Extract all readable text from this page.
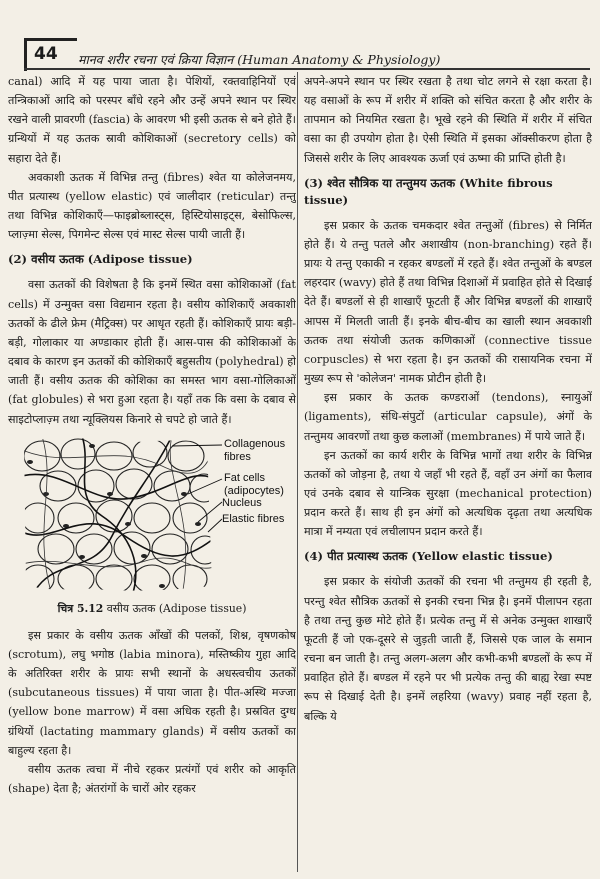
44 मानव शरीर रचना एवं क्रिया विज्ञान (Human Anatomy & Physiology)

canal) आदि में यह पाया जाता है। पेशियों, रक्तवाहिनियों एवं तन्त्रिकाओं आदि को परस्पर बाँधे रहने और उन्हें अपने स्थान पर स्थिर रखने वाली प्रावरणी (fascia) के आवरण भी इसी ऊतक से बने होते हैं। ग्रन्थियों में यह ऊतक स्रावी कोशिकाओं (secretory cells) को सहारा देते हैं।

अवकाशी ऊतक में विभिन्न तन्तु (fibres) श्वेत या कोलेजनमय, पीत प्रत्यास्थ (yellow elastic) एवं जालीदार (reticular) तन्तु तथा विभिन्न कोशिकाएँ—फाइब्रोब्लास्ट्स, हिस्टियोसाइट्स, बेसोफिल्स, प्लाज़्मा सेल्स, पिगमेन्ट सेल्स एवं मास्ट सेल्स पायी जाती हैं।

(2) वसीय ऊतक (Adipose tissue)

वसा ऊतकों की विशेषता है कि इनमें स्थित वसा कोशिकाओं (fat cells) में उन्मुक्त वसा विद्यमान रहता है। वसीय कोशिकाएँ अवकाशी ऊतकों के ढीले फ्रेम (मैट्रिक्स) पर आधृत रहती हैं। कोशिकाएँ प्रायः बड़ी-बड़ी, गोलाकार या अण्डाकार होती हैं। आस-पास की कोशिकाओं के दबाव के कारण इन ऊतकों की कोशिकाएँ बहुसतीय (polyhedral) हो जाती हैं। वसीय ऊतक की कोशिका का समस्त भाग वसा-गोलिकाओं (fat globules) से भरा हुआ रहता है। यहाँ तक कि वसा के दबाव से साइटोप्लाज़्म तथा न्यूक्लियस किनारे से चपटे हो जाते हैं।

Collagenous
fibres
Fat cells
(adipocytes)
Nucleus
Elastic fibres
चित्र 5.12 वसीय ऊतक (Adipose tissue)

इस प्रकार के वसीय ऊतक आँखों की पलकों, शिश्न, वृषणकोष (scrotum), लघु भगोष्ठ (labia minora), मस्तिष्कीय गुहा आदि के अतिरिक्त शरीर के प्रायः सभी स्थानों के अधस्त्वचीय ऊतकों (subcutaneous tissues) में पाया जाता है। पीत-अस्थि मज्जा (yellow bone marrow) में वसा अधिक रहती है। प्रस्रवित दुग्ध ग्रंथियों (lactating mammary glands) में वसीय ऊतकों का बाहुल्य रहता है।

वसीय ऊतक त्वचा में नीचे रहकर प्रत्यंगों एवं शरीर को आकृति (shape) देता है; अंतरांगों के चारों ओर रहकर

अपने-अपने स्थान पर स्थिर रखता है तथा चोट लगने से रक्षा करता है। यह वसाओं के रूप में शरीर में शक्ति को संचित करता है और शरीर के तापमान को नियमित रखता है। भूखे रहने की स्थिति में शरीर में संचित वसा का ही उपयोग होता है। ऐसी स्थिति में इसका ऑक्सीकरण होता है जिससे शरीर के लिए आवश्यक ऊर्जा एवं ऊष्मा की प्राप्ति होती है।

(3) श्वेत सौत्रिक या तन्तुमय ऊतक (White fibrous tissue)

इस प्रकार के ऊतक चमकदार श्वेत तन्तुओं (fibres) से निर्मित होते हैं। ये तन्तु पतले और अशाखीय (non-branching) रहते हैं। प्रायः ये तन्तु एकाकी न रहकर बण्डलों में रहते हैं। श्वेत तन्तुओं के बण्डल लहरदार (wavy) होते हैं तथा विभिन्न दिशाओं में प्रवाहित होते से दिखाई देते हैं। बण्डलों से ही शाखाएँ फूटती हैं और विभिन्न बण्डलों की शाखाएँ आपस में मिलती जाती हैं। इनके बीच-बीच का खाली स्थान अवकाशी ऊतक तथा संयोजी ऊतक कणिकाओं (connective tissue corpuscles) से भरा रहता है। इन ऊतकों की रासायनिक रचना में मुख्य रूप से 'कोलेजन' नामक प्रोटीन होती है।

इस प्रकार के ऊतक कण्डराओं (tendons), स्नायुओं (ligaments), संधि-संपुटों (articular capsule), अंगों के तन्तुमय आवरणों तथा कुछ कलाओं (membranes) में पाये जाते हैं।

इन ऊतकों का कार्य शरीर के विभिन्न भागों तथा शरीर के विभिन्न ऊतकों को जोड़ना है, तथा ये जहाँ भी रहते हैं, वहाँ उन अंगों का फैलाव एवं उनके दबाव से यान्त्रिक सुरक्षा (mechanical protection) प्रदान करते हैं। साथ ही इन अंगों को अत्यधिक दृढ़ता तथा अत्यधिक मात्रा में नम्यता एवं लचीलापन प्रदान करते हैं।

(4) पीत प्रत्यास्थ ऊतक (Yellow elastic tissue)

इस प्रकार के संयोजी ऊतकों की रचना भी तन्तुमय ही रहती है, परन्तु श्वेत सौत्रिक ऊतकों से इनकी रचना भिन्न है। इनमें पीलापन रहता है तथा तन्तु कुछ मोटे होते हैं। प्रत्येक तन्तु में से अनेक उन्मुक्त शाखाएँ फूटती हैं जो एक-दूसरे से जुड़ती जाती हैं, जिससे एक जाल के समान रचना बन जाती है। तन्तु अलग-अलग और कभी-कभी बण्डलों के रूप में प्रवाहित होते हैं। बण्डल में रहने पर भी प्रत्येक तन्तु की बाह्य रेखा स्पष्ट रूप से दिखाई देती है। इनमें लहरिया (wavy) प्रवाह नहीं रहता है, बल्कि ये
